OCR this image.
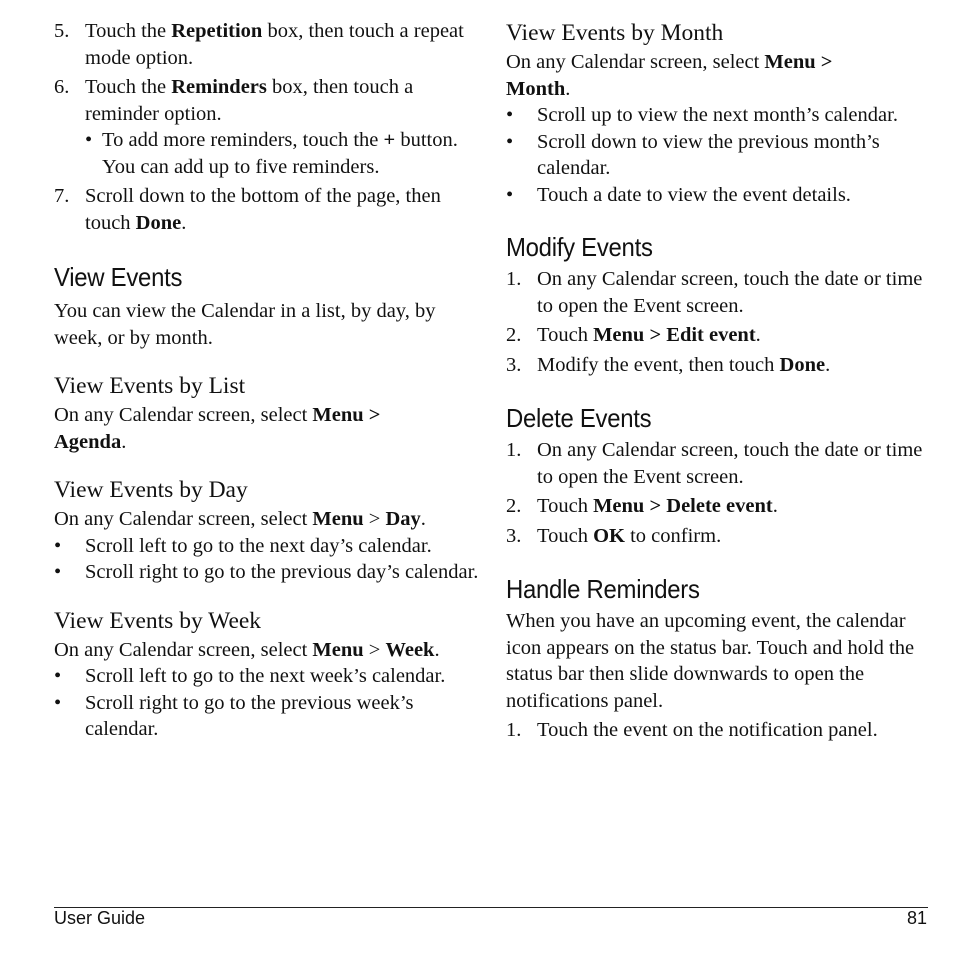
5. Touch the Repetition box, then touch a repeat mode option.
6. Touch the Reminders box, then touch a reminder option.
• To add more reminders, touch the + button. You can add up to five reminders.
7. Scroll down to the bottom of the page, then touch Done.
View Events

You can view the Calendar in a list, by day, by week, or by month.

View Events by List

On any Calendar screen, select Menu >
Agenda.

View Events by Day

On any Calendar screen, select Menu > Day.

• Scroll left to go to the next day’s calendar.
• Scroll right to go to the previous day’s calendar.
View Events by Week

On any Calendar screen, select Menu > Week.

• Scroll left to go to the next week’s calendar.
• Scroll right to go to the previous week’s calendar.
View Events by Month

On any Calendar screen, select Menu >
Month.

• Scroll up to view the next month’s calendar.
• Scroll down to view the previous month’s calendar.
• Touch a date to view the event details.
Modify Events
1. On any Calendar screen, touch the date or time to open the Event screen.
2. Touch Menu > Edit event.
3. Modify the event, then touch Done.
Delete Events
1. On any Calendar screen, touch the date or time to open the Event screen.
2. Touch Menu > Delete event.
3. Touch OK to confirm.
Handle Reminders

When you have an upcoming event, the calendar icon appears on the status bar. Touch and hold the status bar then slide downwards to open the notifications panel.

1. Touch the event on the notification panel.
User Guide	81
